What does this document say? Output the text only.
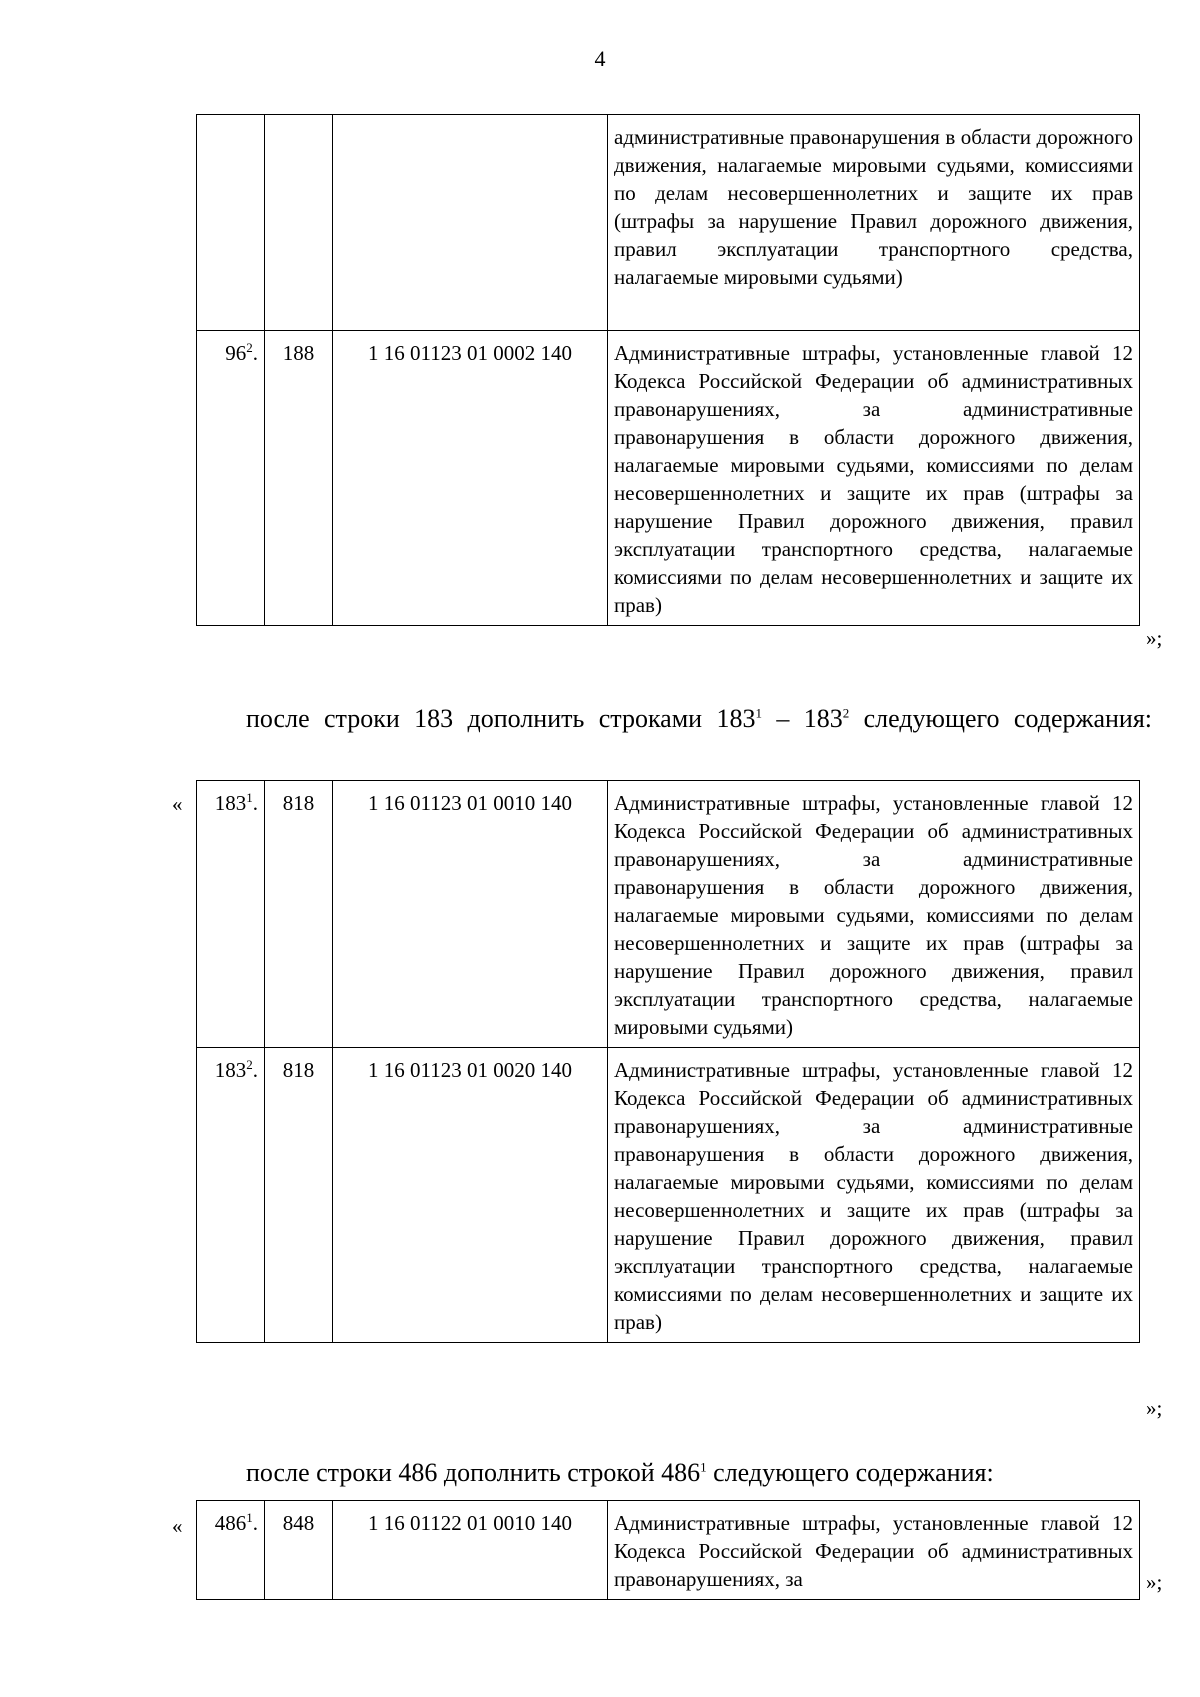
4

			административные правонарушения в области дорожного движения, налагаемые мировыми судьями, комиссиями по делам несовершеннолетних и защите их прав (штрафы за нарушение Правил дорожного движения, правил эксплуатации транспортного средства, налагаемые мировыми судьями)

$96^2$.	188	1 16 01123 01 0002 140	Административные штрафы, установленные главой 12 Кодекса Российской Федерации об административных правонарушениях, за административные правонарушения в области дорожного движения, налагаемые мировыми судьями, комиссиями по делам несовершеннолетних и защите их прав (штрафы за нарушение Правил дорожного движения, правил эксплуатации транспортного средства, налагаемые комиссиями по делам несовершеннолетних и защите их прав)
»;
после строки 183 дополнить строками $183^1 - 183^2$ следующего содержания:
« $183^1$.	818	1 16 01123 01 0010 140	Административные штрафы, установленные главой 12 Кодекса Российской Федерации об административных правонарушениях, за административные правонарушения в области дорожного движения, налагаемые мировыми судьями, комиссиями по делам несовершеннолетних и защите их прав (штрафы за нарушение Правил дорожного движения, правил эксплуатации транспортного средства, налагаемые мировыми судьями)

$183^2$.	818	1 16 01123 01 0020 140	Административные штрафы, установленные главой 12 Кодекса Российской Федерации об административных правонарушениях, за административные правонарушения в области дорожного движения, налагаемые мировыми судьями, комиссиями по делам несовершеннолетних и защите их прав (штрафы за нарушение Правил дорожного движения, правил эксплуатации транспортного средства, налагаемые комиссиями по делам несовершеннолетних и защите их прав)
»;
после строки 486 дополнить строкой $486^1$ следующего содержания:
« $486^1$.	848	1 16 01122 01 0010 140	Административные штрафы, установленные главой 12 Кодекса Российской Федерации об административных правонарушениях, за	»;
